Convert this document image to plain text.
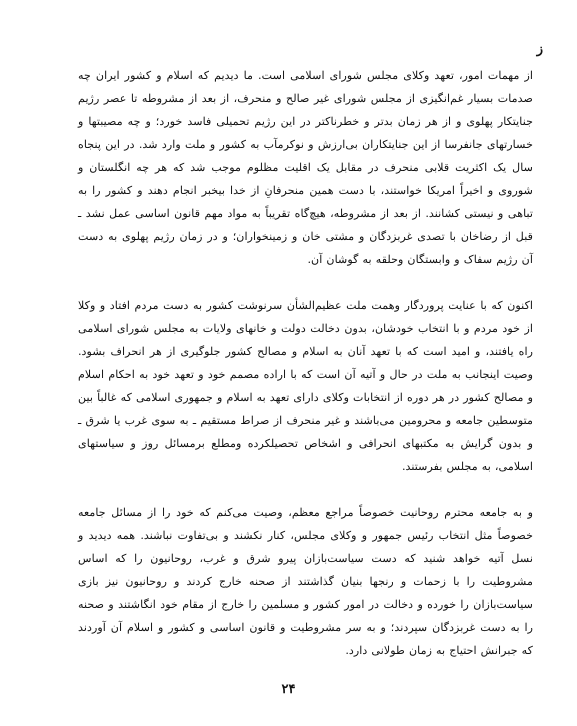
ز

از مهمات امور، تعهد وکلای مجلس شورای اسلامی است. ما دیدیم که اسلام و کشور ایران چه صدمات بسیار غم‌انگیزی از مجلس شورای غیر صالح و منحرف، از بعد از مشروطه تا عصر رژیم جنایتکار پهلوی و از هر زمان بدتر و خطرناکتر در این رژیم تحمیلی فاسد خورد؛ و چه مصیبتها و خسارتهای جانفرسا از این جنایتکاران بی‌ارزش و نوکرمآب به کشور و ملت وارد شد. در این پنجاه سال یک اکثریت قلابی منحرف در مقابل یک اقلیت مظلوم موجب شد که هر چه انگلستان و شوروی و اخیراً امریکا خواستند، با دست همین منحرفانِ از خدا بیخبر انجام دهند و کشور را به تباهی و نیستی کشانند. از بعد از مشروطه، هیچ‌گاه تقریباً به مواد مهم قانون اساسی عمل نشد ـ قبل از رضاخان با تصدی غربزدگان و مشتی خان و زمینخواران؛ و در زمان رژیم پهلوی به دست آن رژیم سفاک و وابستگان وحلقه به گوشان آن.

اکنون که با عنایت پروردگار وهمت ملت عظیم‌الشأن سرنوشت کشور به دست مردم افتاد و وکلا از خود مردم و با انتخاب خودشان، بدون دخالت دولت و خانهای ولایات به مجلس شورای اسلامی راه یافتند، و امید است که با تعهد آنان به اسلام و مصالح کشور جلوگیری از هر انحراف بشود. وصیت اینجانب به ملت در حال و آتیه آن است که با اراده مصمم خود و تعهد خود به احکام اسلام و مصالح کشور در هر دوره از انتخابات وکلای دارای تعهد به اسلام و جمهوری اسلامی که غالباً بین متوسطین جامعه و محرومین می‌باشند و غیر منحرف از صراط مستقیم ـ به سوی غرب یا شرق ـ و بدون گرایش به مکتبهای انحرافی و اشخاص تحصیلکرده ومطلع برمسائل روز و سیاستهای اسلامی، به مجلس بفرستند.

و به جامعه محترم روحانیت خصوصاً مراجع معظم، وصیت می‌کنم که خود را از مسائل جامعه خصوصاً مثل انتخاب رئیس جمهور و وکلای مجلس، کنار نکشند و بی‌تفاوت نباشند. همه دیدید و نسل آتیه خواهد شنید که دست سیاست‌بازان پیرو شرق و غرب، روحانیون را که اساس مشروطیت را با زحمات و رنجها بنیان گذاشتند از صحنه خارج کردند و روحانیون نیز بازی سیاست‌بازان را خورده و دخالت در امور کشور و مسلمین را خارج از مقام خود انگاشتند و صحنه را به دست غربزدگان سپردند؛ و به سر مشروطیت و قانون اساسی و کشور و اسلام آن آوردند که جبرانش احتیاج به زمان طولانی دارد.

۲۴
